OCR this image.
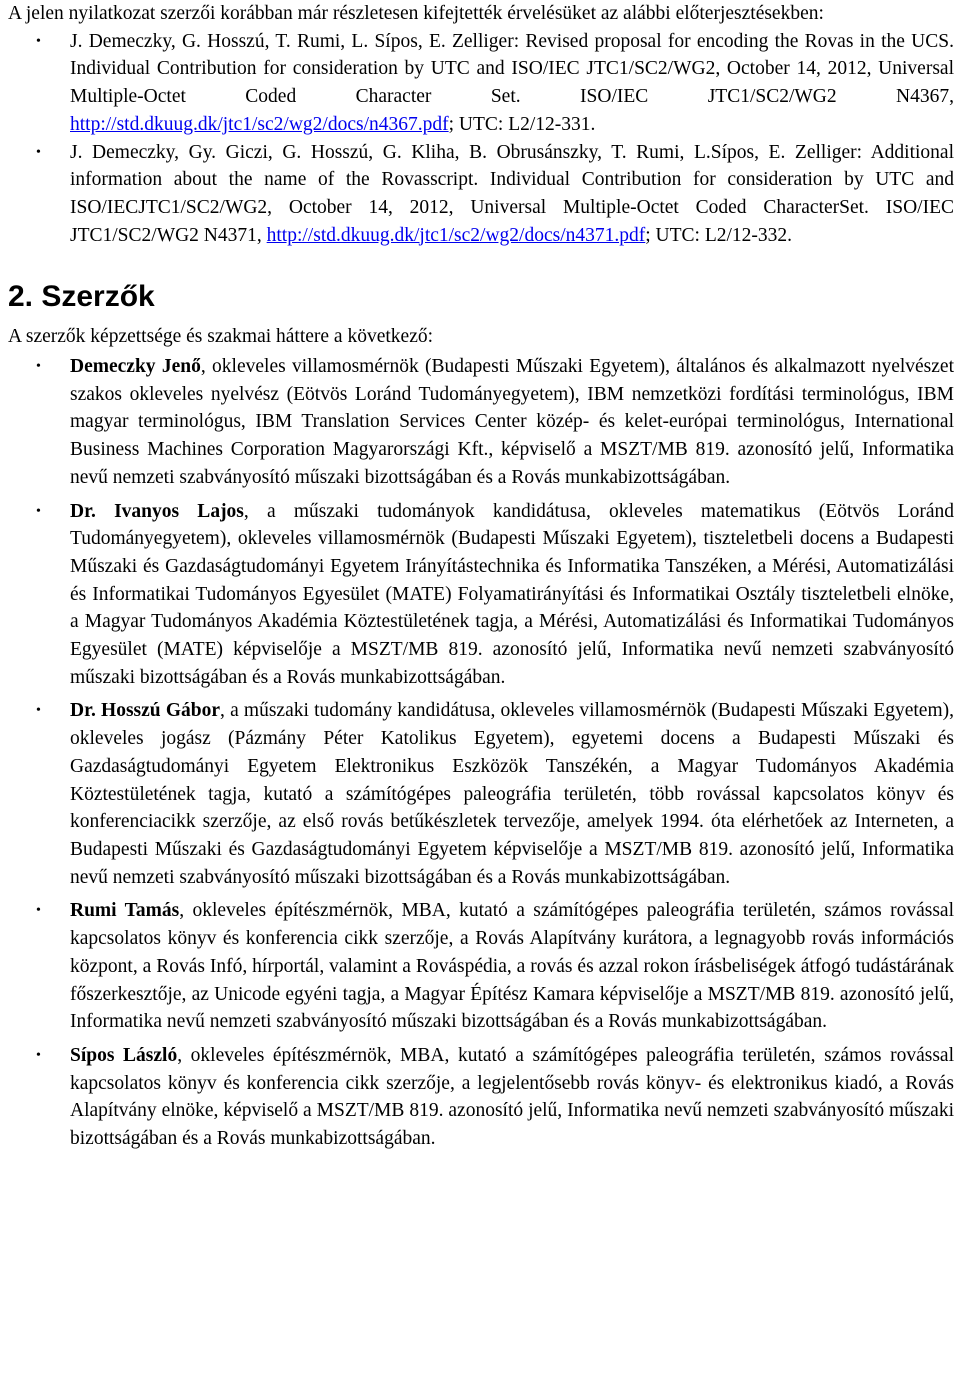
A jelen nyilatkozat szerzői korábban már részletesen kifejtették érvelésüket az alábbi előterjesztésekben:

• J. Demeczky, G. Hosszú, T. Rumi, L. Sípos, E. Zelliger: Revised proposal for encoding the Rovas in the UCS. Individual Contribution for consideration by UTC and ISO/IEC JTC1/SC2/WG2, October 14, 2012, Universal Multiple-Octet Coded Character Set. ISO/IEC JTC1/SC2/WG2 N4367, http://std.dkuug.dk/jtc1/sc2/wg2/docs/n4367.pdf; UTC: L2/12-331.
• J. Demeczky, Gy. Giczi, G. Hosszú, G. Kliha, B. Obrusánszky, T. Rumi, L.Sípos, E. Zelliger: Additional information about the name of the Rovasscript. Individual Contribution for consideration by UTC and ISO/IECJTC1/SC2/WG2, October 14, 2012, Universal Multiple-Octet Coded CharacterSet. ISO/IEC JTC1/SC2/WG2 N4371, http://std.dkuug.dk/jtc1/sc2/wg2/docs/n4371.pdf; UTC: L2/12-332.
2. Szerzők

A szerzők képzettsége és szakmai háttere a következő:

• Demeczky Jenő, okleveles villamosmérnök (Budapesti Műszaki Egyetem), általános és alkalmazott nyelvészet szakos okleveles nyelvész (Eötvös Loránd Tudományegyetem), IBM nemzetközi fordítási terminológus, IBM magyar terminológus, IBM Translation Services Center közép- és kelet-európai terminológus, International Business Machines Corporation Magyarországi Kft., képviselő a MSZT/MB 819. azonosító jelű, Informatika nevű nemzeti szabványosító műszaki bizottságában és a Rovás munkabizottságában.
• Dr. Ivanyos Lajos, a műszaki tudományok kandidátusa, okleveles matematikus (Eötvös Loránd Tudományegyetem), okleveles villamosmérnök (Budapesti Műszaki Egyetem), tiszteletbeli docens a Budapesti Műszaki és Gazdaságtudományi Egyetem Irányítástechnika és Informatika Tanszéken, a Mérési, Automatizálási és Informatikai Tudományos Egyesület (MATE) Folyamatirányítási és Informatikai Osztály tiszteletbeli elnöke, a Magyar Tudományos Akadémia Köztestületének tagja, a Mérési, Automatizálási és Informatikai Tudományos Egyesület (MATE) képviselője a MSZT/MB 819. azonosító jelű, Informatika nevű nemzeti szabványosító műszaki bizottságában és a Rovás munkabizottságában.
• Dr. Hosszú Gábor, a műszaki tudomány kandidátusa, okleveles villamosmérnök (Budapesti Műszaki Egyetem), okleveles jogász (Pázmány Péter Katolikus Egyetem), egyetemi docens a Budapesti Műszaki és Gazdaságtudományi Egyetem Elektronikus Eszközök Tanszékén, a Magyar Tudományos Akadémia Köztestületének tagja, kutató a számítógépes paleográfia területén, több rovással kapcsolatos könyv és konferenciacikk szerzője, az első rovás betűkészletek tervezője, amelyek 1994. óta elérhetőek az Interneten, a Budapesti Műszaki és Gazdaságtudományi Egyetem képviselője a MSZT/MB 819. azonosító jelű, Informatika nevű nemzeti szabványosító műszaki bizottságában és a Rovás munkabizottságában.
• Rumi Tamás, okleveles építészmérnök, MBA, kutató a számítógépes paleográfia területén, számos rovással kapcsolatos könyv és konferencia cikk szerzője, a Rovás Alapítvány kurátora, a legnagyobb rovás információs központ, a Rovás Infó, hírportál, valamint a Rováspédia, a rovás és azzal rokon írásbeliségek átfogó tudástárának főszerkesztője, az Unicode egyéni tagja, a Magyar Építész Kamara képviselője a MSZT/MB 819. azonosító jelű, Informatika nevű nemzeti szabványosító műszaki bizottságában és a Rovás munkabizottságában.
• Sípos László, okleveles építészmérnök, MBA, kutató a számítógépes paleográfia területén, számos rovással kapcsolatos könyv és konferencia cikk szerzője, a legjelentősebb rovás könyv- és elektronikus kiadó, a Rovás Alapítvány elnöke, képviselő a MSZT/MB 819. azonosító jelű, Informatika nevű nemzeti szabványosító műszaki bizottságában és a Rovás munkabizottságában.
